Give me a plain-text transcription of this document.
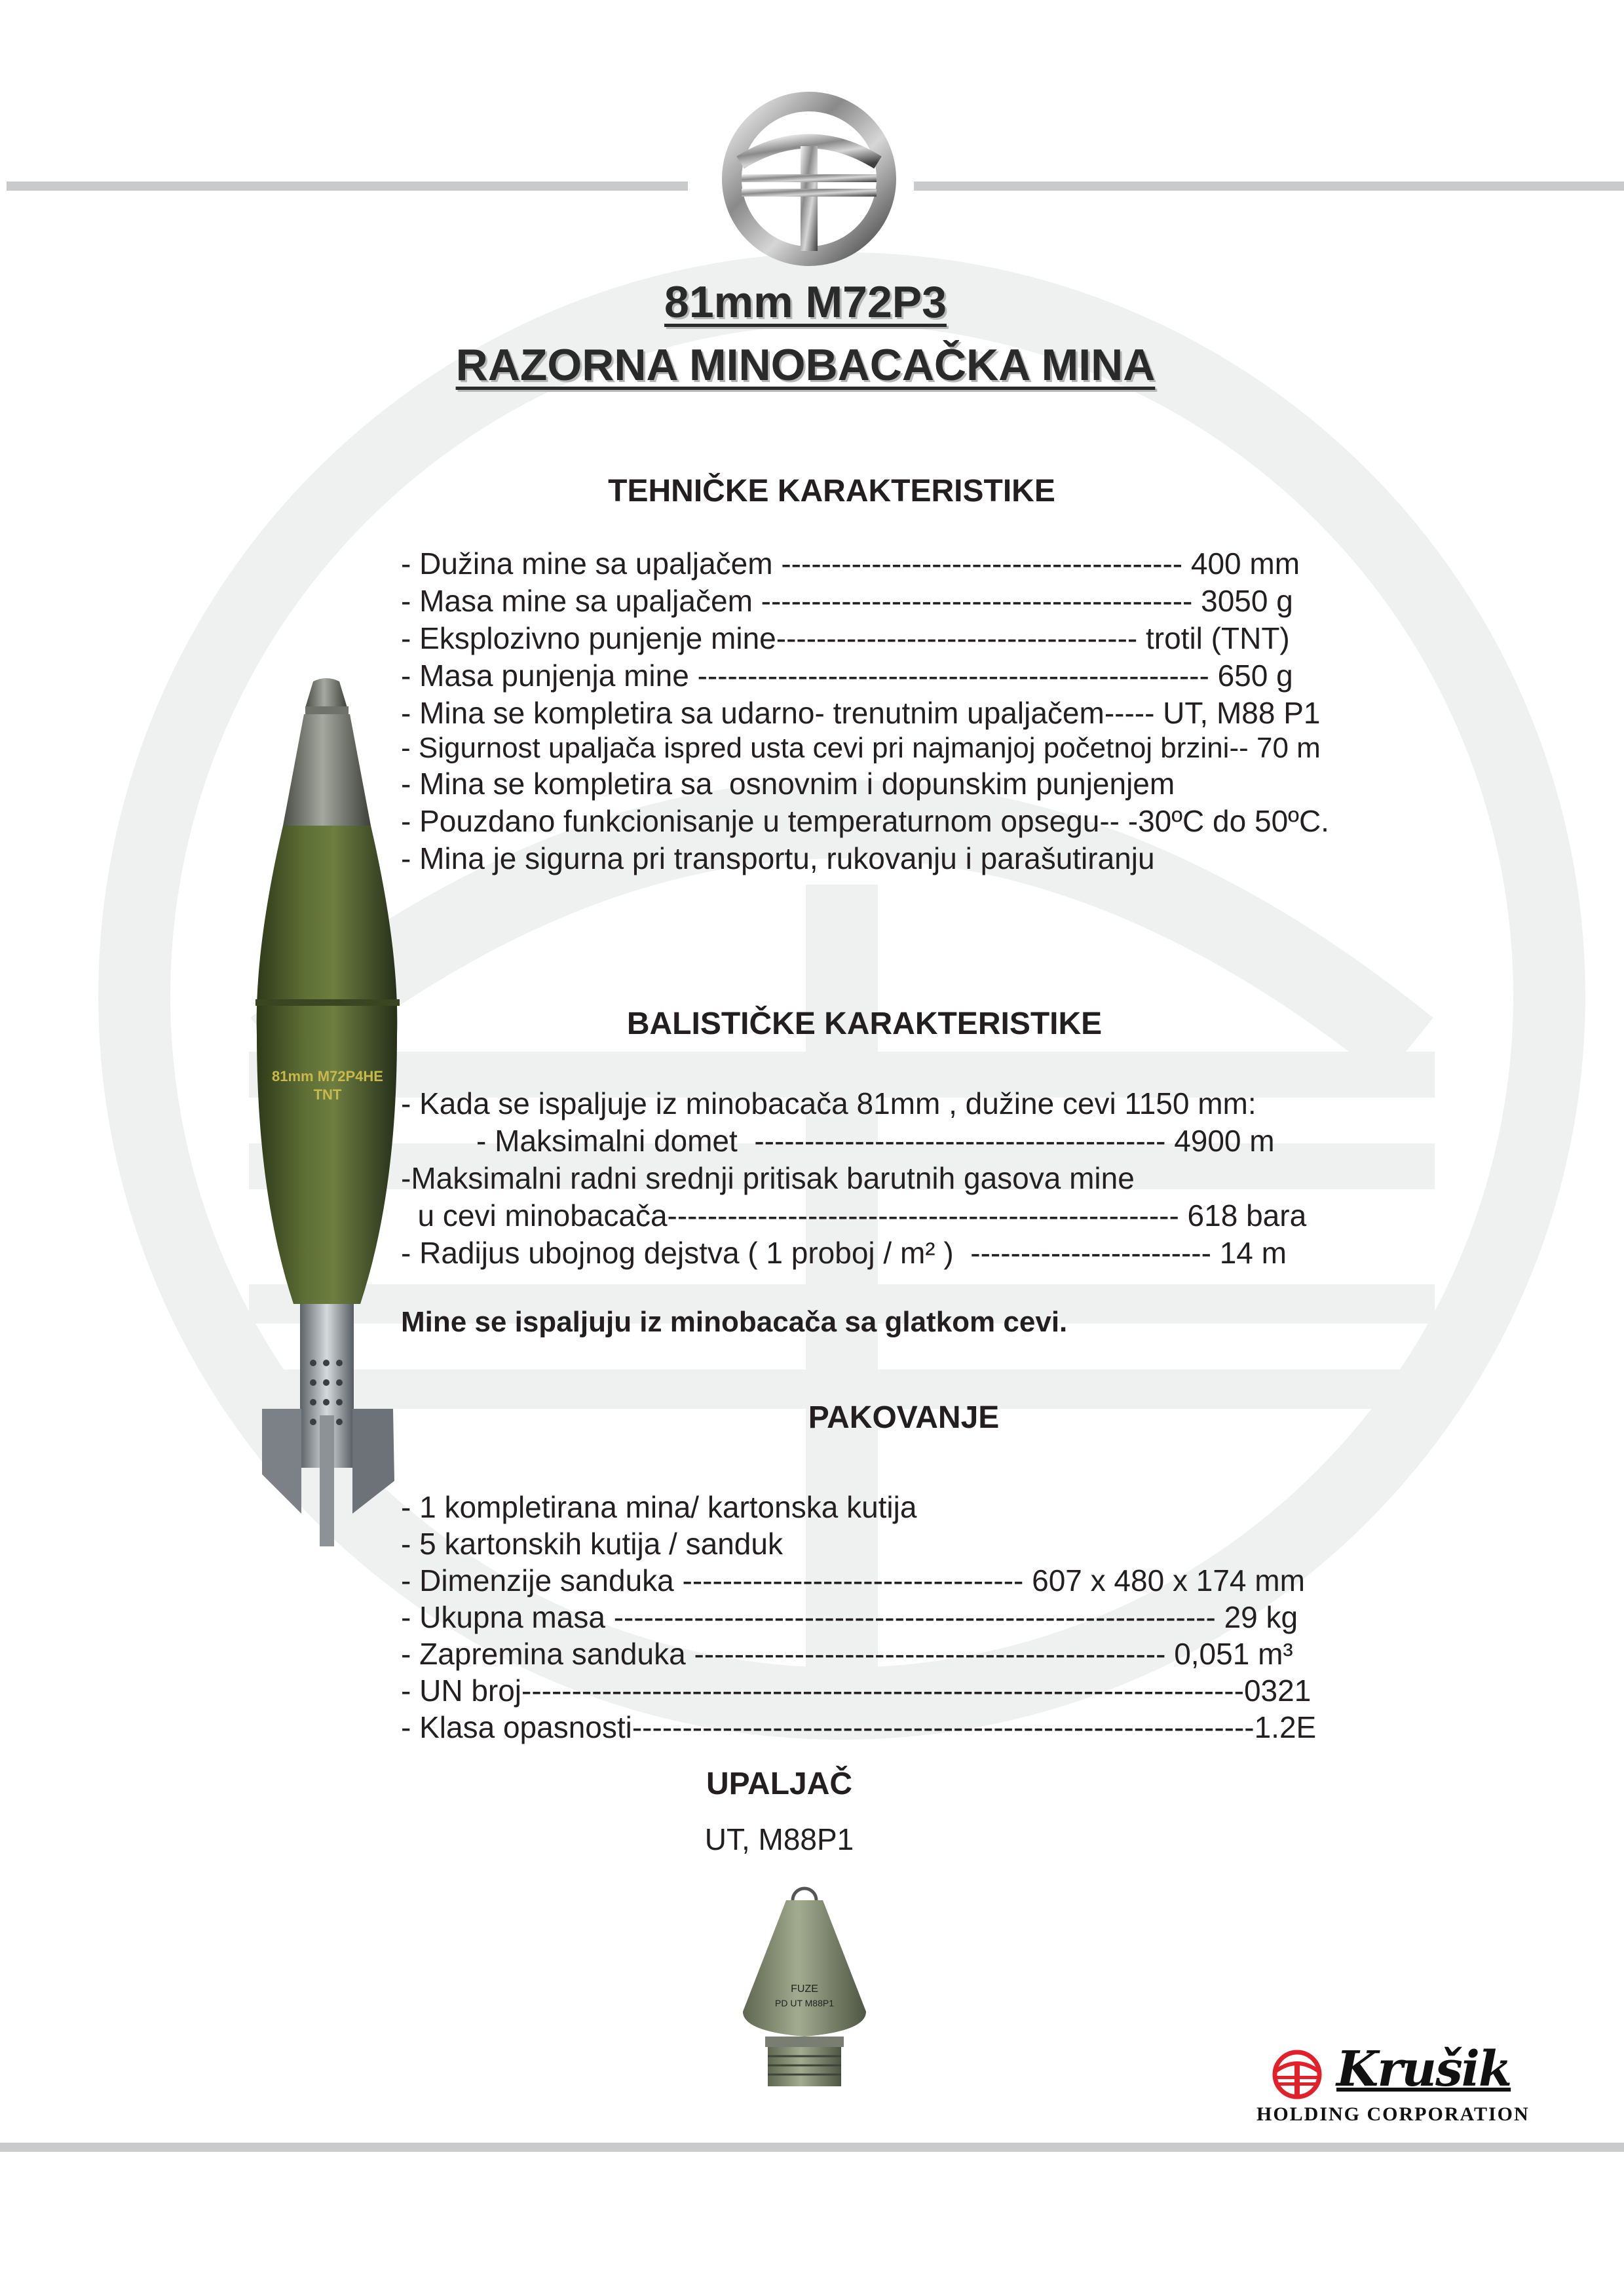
81mm M72P3
RAZORNA MINOBACAČKA MINA
TEHNIČKE KARAKTERISTIKE
- Dužina mine sa upaljačem ---------------------------------------- 400 mm
- Masa mine sa upaljačem ------------------------------------------- 3050 g
- Eksplozivno punjenje mine------------------------------------ trotil (TNT)
- Masa punjenja mine --------------------------------------------------- 650 g
- Mina se kompletira sa udarno- trenutnim upaljačem----- UT, M88 P1
- Sigurnost upaljača ispred usta cevi pri najmanjoj početnoj brzini-- 70 m
- Mina se kompletira sa  osnovnim i dopunskim punjenjem
- Pouzdano funkcionisanje u temperaturnom opsegu-- -30ºC do 50ºC.
- Mina je sigurna pri transportu, rukovanju i parašutiranju
BALISTIČKE KARAKTERISTIKE
- Kada se ispaljuje iz minobacača 81mm , dužine cevi 1150 mm:
- Maksimalni domet  ----------------------------------------- 4900 m
-Maksimalni radni srednji pritisak barutnih gasova mine
u cevi minobacača--------------------------------------------------- 618 bara
- Radijus ubojnog dejstva ( 1 proboj / m² )  ------------------------ 14 m
Mine se ispaljuju iz minobacača sa glatkom cevi.
PAKOVANJE
- 1 kompletirana mina/ kartonska kutija
- 5 kartonskih kutija / sanduk
- Dimenzije sanduka ---------------------------------- 607 x 480 x 174 mm
- Ukupna masa ------------------------------------------------------------ 29 kg
- Zapremina sanduka ----------------------------------------------- 0,051 m³
- UN broj------------------------------------------------------------------------0321
- Klasa opasnosti--------------------------------------------------------------1.2E
UPALJAČ
UT, M88P1
81mm M72P4HE
TNT
FUZE
PD UT M88P1
Krušik
HOLDING CORPORATION
